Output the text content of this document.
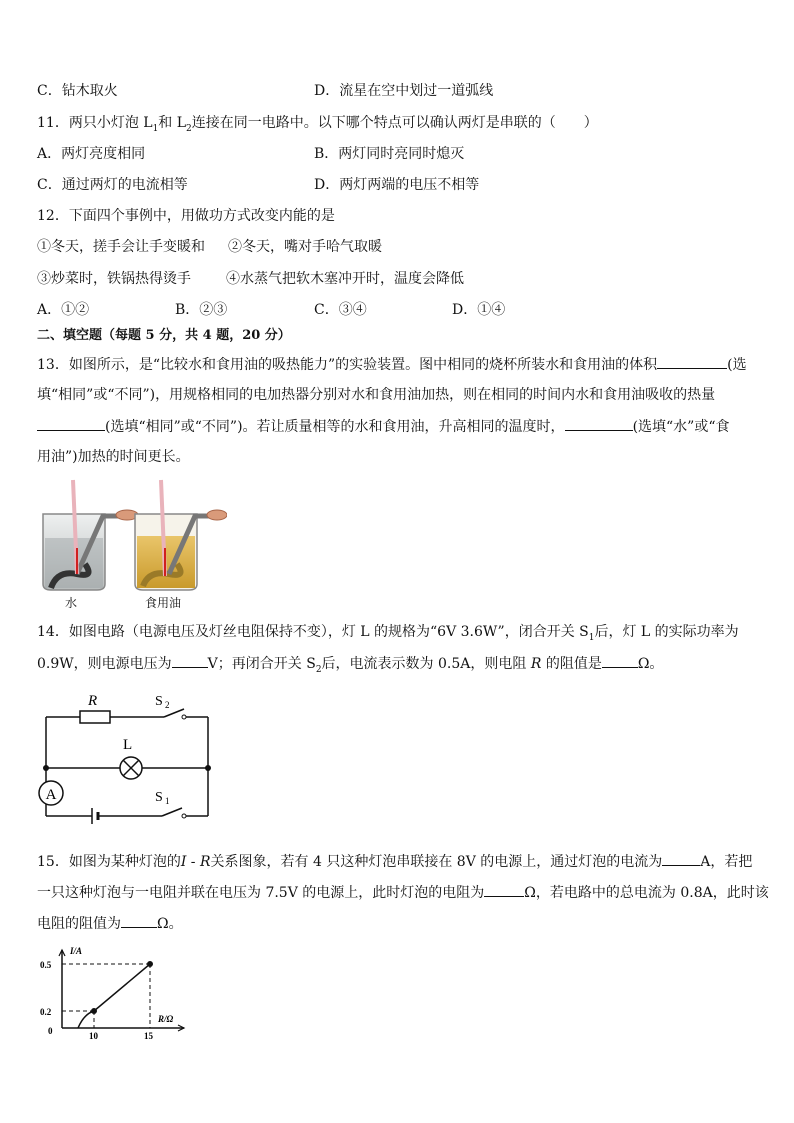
C．钻木取火	D．流星在空中划过一道弧线
11．两只小灯泡 $L_1$和 $L_2$连接在同一电路中。以下哪个特点可以确认两灯是串联的（　　）
A．两灯亮度相同	B．两灯同时亮同时熄灭
C．通过两灯的电流相等	D．两灯两端的电压不相等
12．下面四个事例中，用做功方式改变内能的是
①冬天，搓手会让手变暖和 ②冬天，嘴对手哈气取暖
③炒菜时，铁锅热得烫手	④水蒸气把软木塞冲开时，温度会降低
A．①②	B．②③	C．③④	D．①④
二、填空题（每题 5 分，共 4 题，20 分）
13．如图所示，是“比较水和食用油的吸热能力”的实验装置。图中相同的烧杯所装水和食用油的体积	(选
填“相同”或“不同”)，用规格相同的电加热器分别对水和食用油加热，则在相同的时间内水和食用油吸收的热量
(选填“相同”或“不同”)。若让质量相等的水和食用油，升高相同的温度时，	(选填“水”或“食
用油”)加热的时间更长。
水	食用油
14．如图电路（电源电压及灯丝电阻保持不变），灯 L 的规格为“6V 3.6W”，闭合开关 $S_1$后，灯 L 的实际功率为
0.9W，则电源电压为	V；再闭合开关 $S_2$后，电流表示数为 0.5A，则电阻 R 的阻值是	Ω。
A
R	S 2
L
S 1
15．如图为某种灯泡的I - R关系图象，若有 4 只这种灯泡串联接在 8V 的电源上，通过灯泡的电流为	A，若把
一只这种灯泡与一电阻并联在电压为 7.5V 的电源上，此时灯泡的电阻为	Ω，若电路中的总电流为 0.8A，此时该
电阻的阻值为	Ω。
I/A
R/Ω
0.5
0.2
0	10	15
